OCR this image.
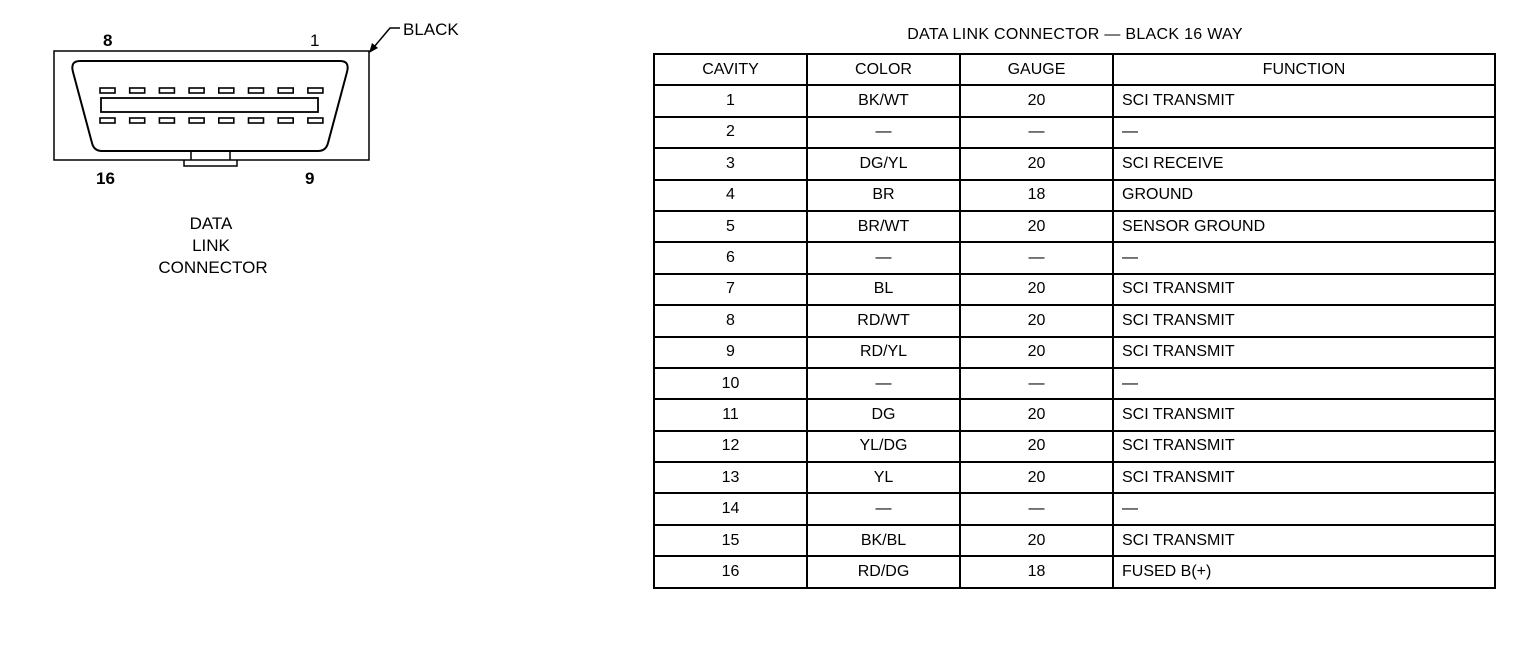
8	1
16	9
BLACK
DATA
LINK
CONNECTOR
DATA LINK CONNECTOR — BLACK 16 WAY
CAVITY	COLOR	GAUGE	FUNCTION
1	BK/WT	20	SCI TRANSMIT
2	—	—	—
3	DG/YL	20	SCI RECEIVE
4	BR	18	GROUND
5	BR/WT	20	SENSOR GROUND
6	—	—	—
7	BL	20	SCI TRANSMIT
8	RD/WT	20	SCI TRANSMIT
9	RD/YL	20	SCI TRANSMIT
10	—	—	—
11	DG	20	SCI TRANSMIT
12	YL/DG	20	SCI TRANSMIT
13	YL	20	SCI TRANSMIT
14	—	—	—
15	BK/BL	20	SCI TRANSMIT
16	RD/DG	18	FUSED B(+)
